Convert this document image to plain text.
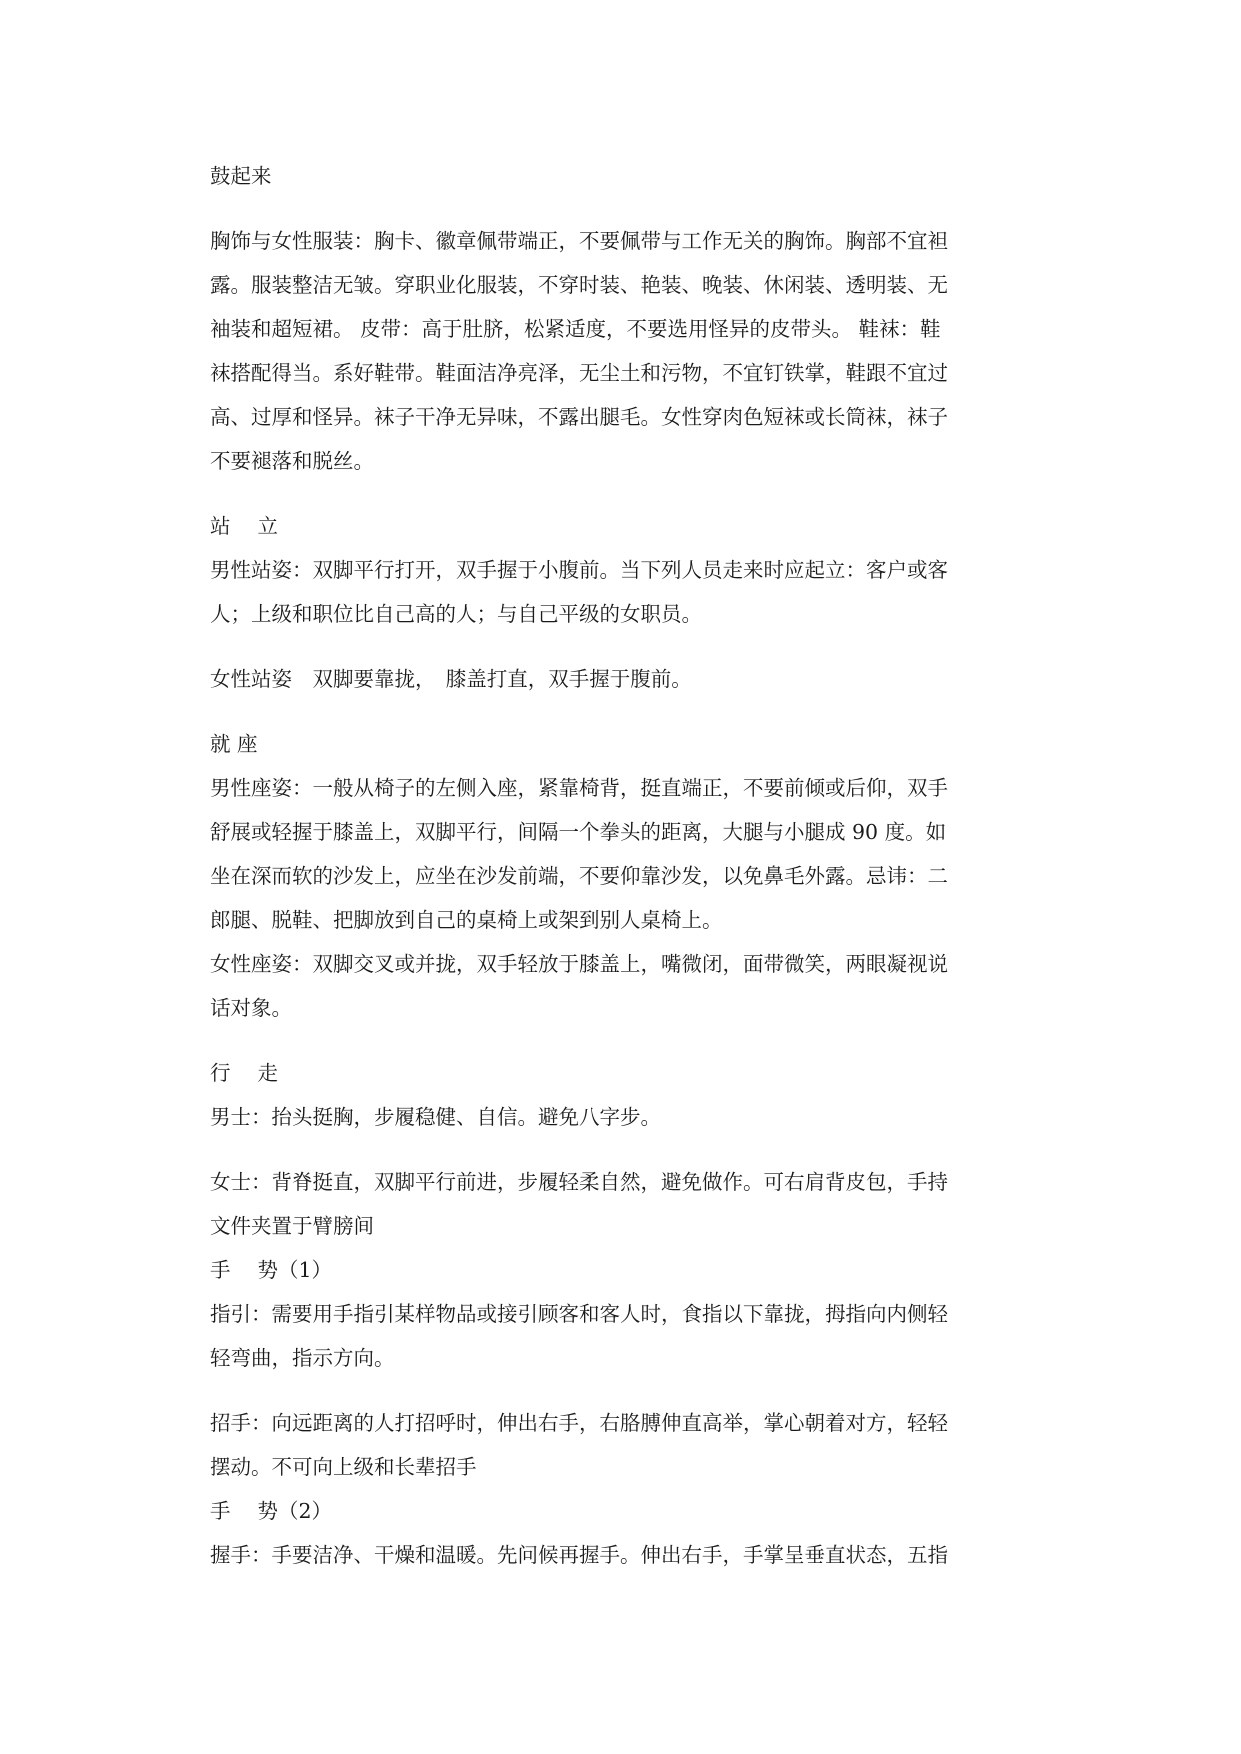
鼓起来

胸饰与女性服装：胸卡、徽章佩带端正，不要佩带与工作无关的胸饰。胸部不宜袒

露。服装整洁无皱。穿职业化服装，不穿时装、艳装、晚装、休闲装、透明装、无

袖装和超短裙。 皮带：高于肚脐，松紧适度，不要选用怪异的皮带头。 鞋袜：鞋

袜搭配得当。系好鞋带。鞋面洁净亮泽，无尘土和污物，不宜钉铁掌，鞋跟不宜过

高、过厚和怪异。袜子干净无异味，不露出腿毛。女性穿肉色短袜或长筒袜，袜子

不要褪落和脱丝。

站　 立

男性站姿：双脚平行打开，双手握于小腹前。当下列人员走来时应起立：客户或客

人；上级和职位比自己高的人；与自己平级的女职员。

女性站姿　双脚要靠拢，　膝盖打直，双手握于腹前。

就 座

男性座姿：一般从椅子的左侧入座，紧靠椅背，挺直端正，不要前倾或后仰，双手

舒展或轻握于膝盖上，双脚平行，间隔一个拳头的距离，大腿与小腿成 90 度。如

坐在深而软的沙发上，应坐在沙发前端，不要仰靠沙发，以免鼻毛外露。忌讳：二

郎腿、脱鞋、把脚放到自己的桌椅上或架到别人桌椅上。

女性座姿：双脚交叉或并拢，双手轻放于膝盖上，嘴微闭，面带微笑，两眼凝视说

话对象。

行　 走

男士：抬头挺胸，步履稳健、自信。避免八字步。

女士：背脊挺直，双脚平行前进，步履轻柔自然，避免做作。可右肩背皮包，手持

文件夹置于臂膀间

手　 势（1）

指引：需要用手指引某样物品或接引顾客和客人时，食指以下靠拢，拇指向内侧轻

轻弯曲，指示方向。

招手：向远距离的人打招呼时，伸出右手，右胳膊伸直高举，掌心朝着对方，轻轻

摆动。不可向上级和长辈招手

手　 势（2）

握手：手要洁净、干燥和温暖。先问候再握手。伸出右手，手掌呈垂直状态，五指
